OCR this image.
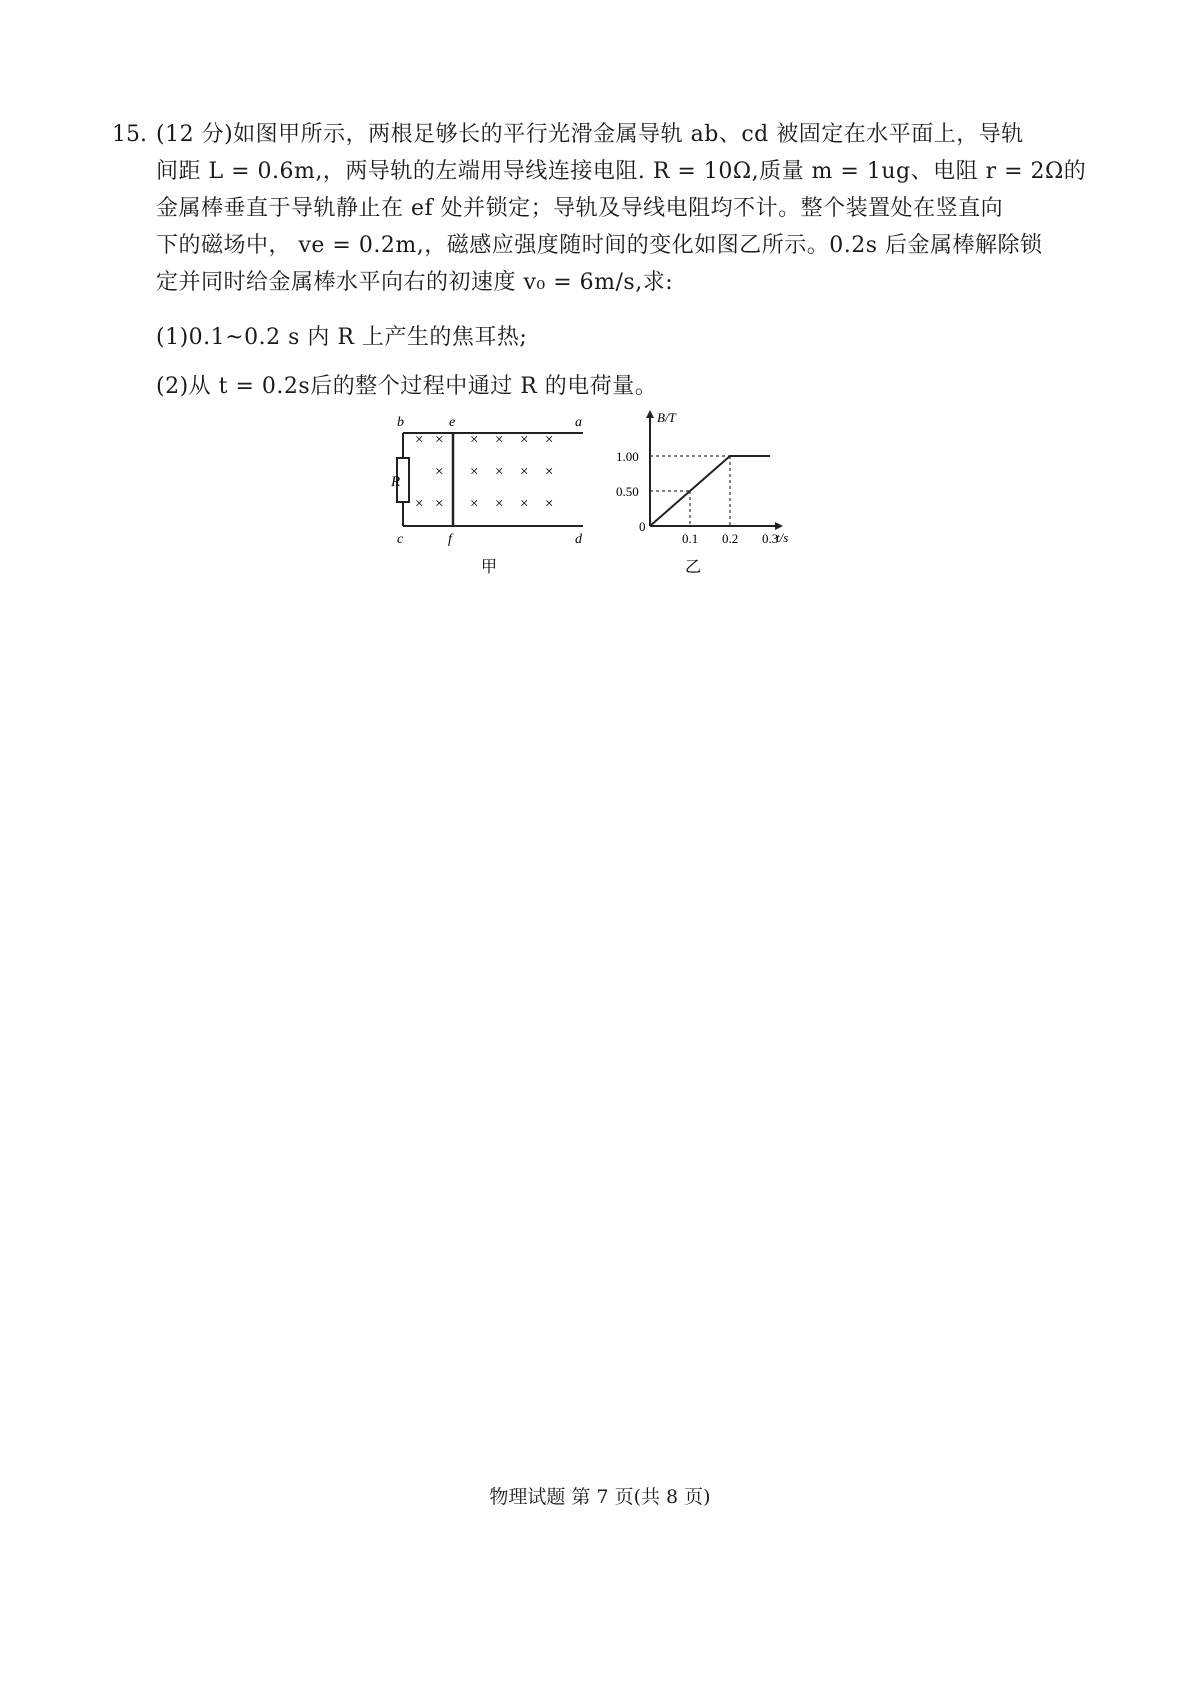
15. (12 分)如图甲所示，两根足够长的平行光滑金属导轨 ab、cd 被固定在水平面上，导轨
间距 L = 0.6m,，两导轨的左端用导线连接电阻. R = 10Ω,质量 m = 1ug、电阻 r = 2Ω的
金属棒垂直于导轨静止在 ef 处并锁定；导轨及导线电阻均不计。整个装置处在竖直向
下的磁场中， ve = 0.2m,，磁感应强度随时间的变化如图乙所示。0.2s 后金属棒解除锁
定并同时给金属棒水平向右的初速度 v₀ = 6m/s,求:
(1)0.1~0.2 s 内 R 上产生的焦耳热;
(2)从 t = 0.2s后的整个过程中通过 R 的电荷量。
R
b	e	a
c	f	d
× × × × × ×
× × × × ×
× × × × × ×
甲
B/T
t/s
0
0.50
1.00
0.1 0.2 0.3
乙
物理试题 第 7 页(共 8 页)
